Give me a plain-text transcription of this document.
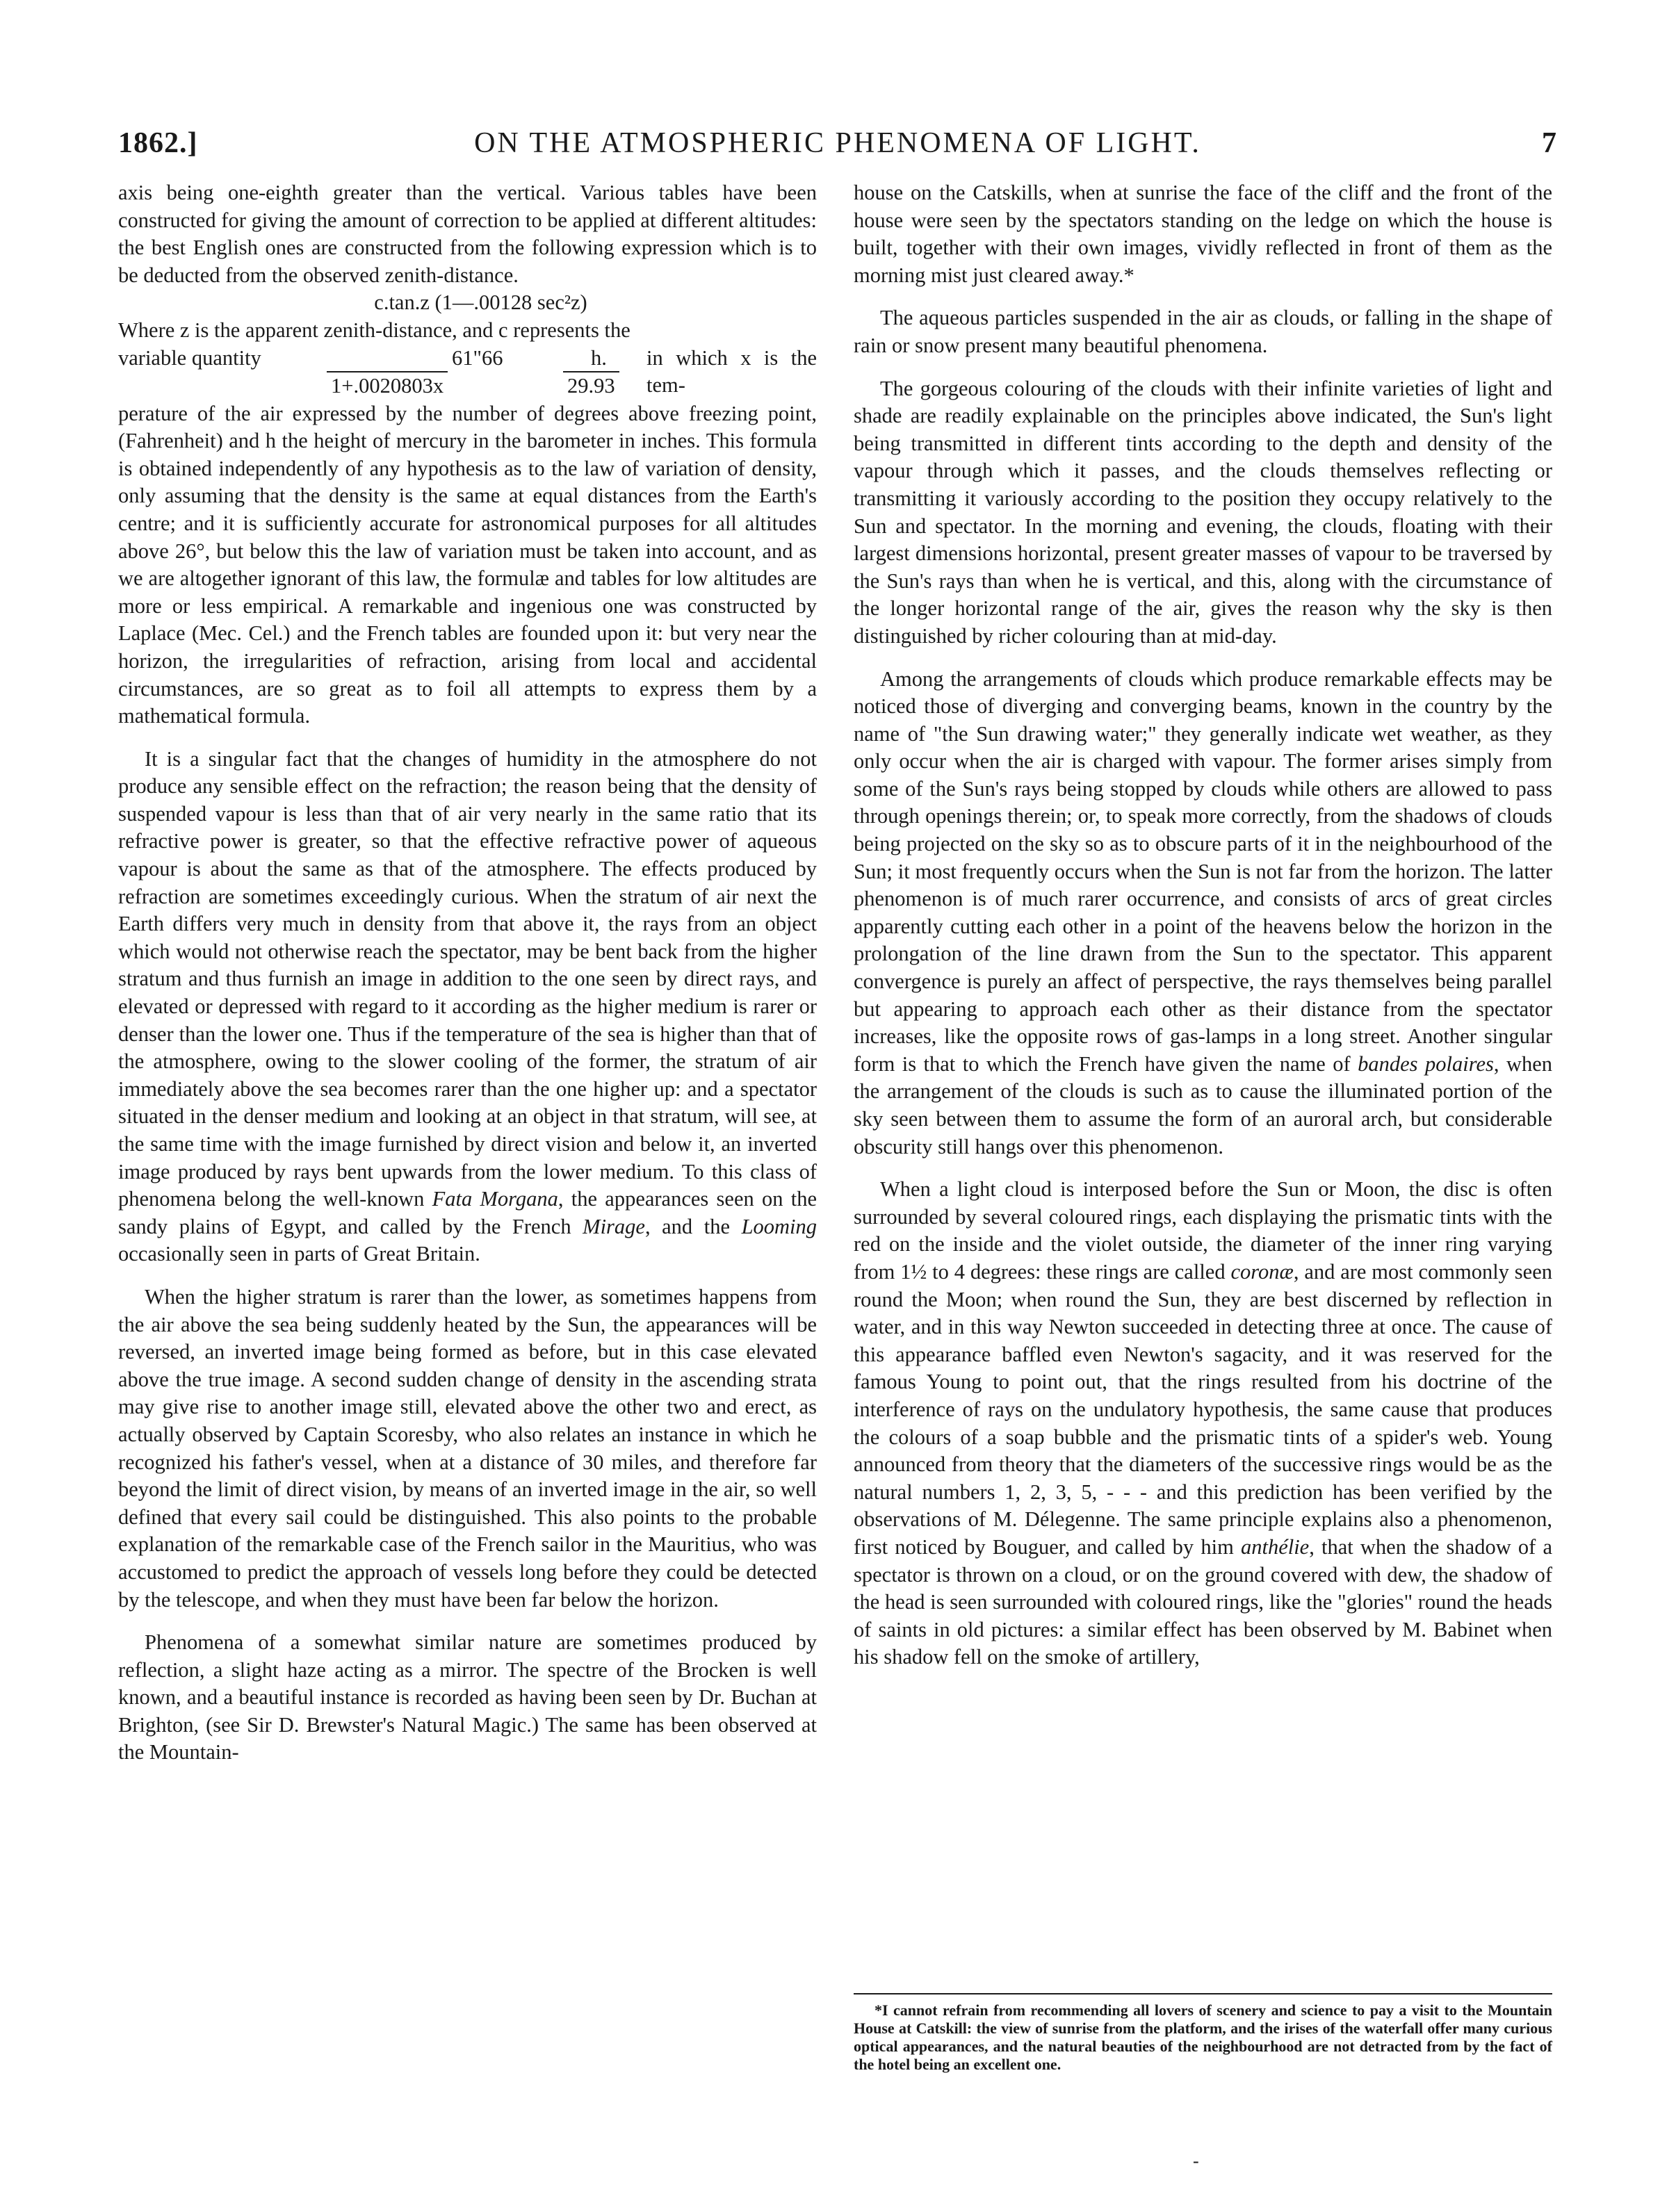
1862.]	ON THE ATMOSPHERIC PHENOMENA OF LIGHT.	7

axis being one-eighth greater than the vertical. Various tables have been constructed for giving the amount of correction to be applied at different altitudes: the best English ones are constructed from the following expression which is to be deducted from the observed zenith-distance.

c.tan.z (1—.00128 sec²z)

Where z is the apparent zenith-distance, and c represents the

variable quantity	61"66	h. in which x is the tem-
1+.0020803x	29.93

perature of the air expressed by the number of degrees above freezing point, (Fahrenheit) and h the height of mercury in the barometer in inches. This formula is obtained independently of any hypothesis as to the law of variation of density, only assuming that the density is the same at equal distances from the Earth's centre; and it is sufficiently accurate for astronomical purposes for all altitudes above 26°, but below this the law of variation must be taken into account, and as we are altogether ignorant of this law, the formulæ and tables for low altitudes are more or less empirical. A remarkable and ingenious one was constructed by Laplace (Mec. Cel.) and the French tables are founded upon it: but very near the horizon, the irregularities of refraction, arising from local and accidental circumstances, are so great as to foil all attempts to express them by a mathematical formula.

It is a singular fact that the changes of humidity in the atmosphere do not produce any sensible effect on the refraction; the reason being that the density of suspended vapour is less than that of air very nearly in the same ratio that its refractive power is greater, so that the effective refractive power of aqueous vapour is about the same as that of the atmosphere. The effects produced by refraction are sometimes exceedingly curious. When the stratum of air next the Earth differs very much in density from that above it, the rays from an object which would not otherwise reach the spectator, may be bent back from the higher stratum and thus furnish an image in addition to the one seen by direct rays, and elevated or depressed with regard to it according as the higher medium is rarer or denser than the lower one. Thus if the temperature of the sea is higher than that of the atmosphere, owing to the slower cooling of the former, the stratum of air immediately above the sea becomes rarer than the one higher up: and a spectator situated in the denser medium and looking at an object in that stratum, will see, at the same time with the image furnished by direct vision and below it, an inverted image produced by rays bent upwards from the lower medium. To this class of phenomena belong the well-known Fata Morgana, the appearances seen on the sandy plains of Egypt, and called by the French Mirage, and the Looming occasionally seen in parts of Great Britain.

When the higher stratum is rarer than the lower, as sometimes happens from the air above the sea being suddenly heated by the Sun, the appearances will be reversed, an inverted image being formed as before, but in this case elevated above the true image. A second sudden change of density in the ascending strata may give rise to another image still, elevated above the other two and erect, as actually observed by Captain Scoresby, who also relates an instance in which he recognized his father's vessel, when at a distance of 30 miles, and therefore far beyond the limit of direct vision, by means of an inverted image in the air, so well defined that every sail could be distinguished. This also points to the probable explanation of the remarkable case of the French sailor in the Mauritius, who was accustomed to predict the approach of vessels long before they could be detected by the telescope, and when they must have been far below the horizon.

Phenomena of a somewhat similar nature are sometimes produced by reflection, a slight haze acting as a mirror. The spectre of the Brocken is well known, and a beautiful instance is recorded as having been seen by Dr. Buchan at Brighton, (see Sir D. Brewster's Natural Magic.) The same has been observed at the Mountain-

house on the Catskills, when at sunrise the face of the cliff and the front of the house were seen by the spectators standing on the ledge on which the house is built, together with their own images, vividly reflected in front of them as the morning mist just cleared away.*

The aqueous particles suspended in the air as clouds, or falling in the shape of rain or snow present many beautiful phenomena.

The gorgeous colouring of the clouds with their infinite varieties of light and shade are readily explainable on the principles above indicated, the Sun's light being transmitted in different tints according to the depth and density of the vapour through which it passes, and the clouds themselves reflecting or transmitting it variously according to the position they occupy relatively to the Sun and spectator. In the morning and evening, the clouds, floating with their largest dimensions horizontal, present greater masses of vapour to be traversed by the Sun's rays than when he is vertical, and this, along with the circumstance of the longer horizontal range of the air, gives the reason why the sky is then distinguished by richer colouring than at mid-day.

Among the arrangements of clouds which produce remarkable effects may be noticed those of diverging and converging beams, known in the country by the name of "the Sun drawing water;" they generally indicate wet weather, as they only occur when the air is charged with vapour. The former arises simply from some of the Sun's rays being stopped by clouds while others are allowed to pass through openings therein; or, to speak more correctly, from the shadows of clouds being projected on the sky so as to obscure parts of it in the neighbourhood of the Sun; it most frequently occurs when the Sun is not far from the horizon. The latter phenomenon is of much rarer occurrence, and consists of arcs of great circles apparently cutting each other in a point of the heavens below the horizon in the prolongation of the line drawn from the Sun to the spectator. This apparent convergence is purely an affect of perspective, the rays themselves being parallel but appearing to approach each other as their distance from the spectator increases, like the opposite rows of gas-lamps in a long street. Another singular form is that to which the French have given the name of bandes polaires, when the arrangement of the clouds is such as to cause the illuminated portion of the sky seen between them to assume the form of an auroral arch, but considerable obscurity still hangs over this phenomenon.

When a light cloud is interposed before the Sun or Moon, the disc is often surrounded by several coloured rings, each displaying the prismatic tints with the red on the inside and the violet outside, the diameter of the inner ring varying from 1½ to 4 degrees: these rings are called coronæ, and are most commonly seen round the Moon; when round the Sun, they are best discerned by reflection in water, and in this way Newton succeeded in detecting three at once. The cause of this appearance baffled even Newton's sagacity, and it was reserved for the famous Young to point out, that the rings resulted from his doctrine of the interference of rays on the undulatory hypothesis, the same cause that produces the colours of a soap bubble and the prismatic tints of a spider's web. Young announced from theory that the diameters of the successive rings would be as the natural numbers 1, 2, 3, 5, - - - and this prediction has been verified by the observations of M. Délegenne. The same principle explains also a phenomenon, first noticed by Bouguer, and called by him anthélie, that when the shadow of a spectator is thrown on a cloud, or on the ground covered with dew, the shadow of the head is seen surrounded with coloured rings, like the "glories" round the heads of saints in old pictures: a similar effect has been observed by M. Babinet when his shadow fell on the smoke of artillery,

*I cannot refrain from recommending all lovers of scenery and science to pay a visit to the Mountain House at Catskill: the view of sunrise from the platform, and the irises of the waterfall offer many curious optical appearances, and the natural beauties of the neighbourhood are not detracted from by the fact of the hotel being an excellent one.

-
